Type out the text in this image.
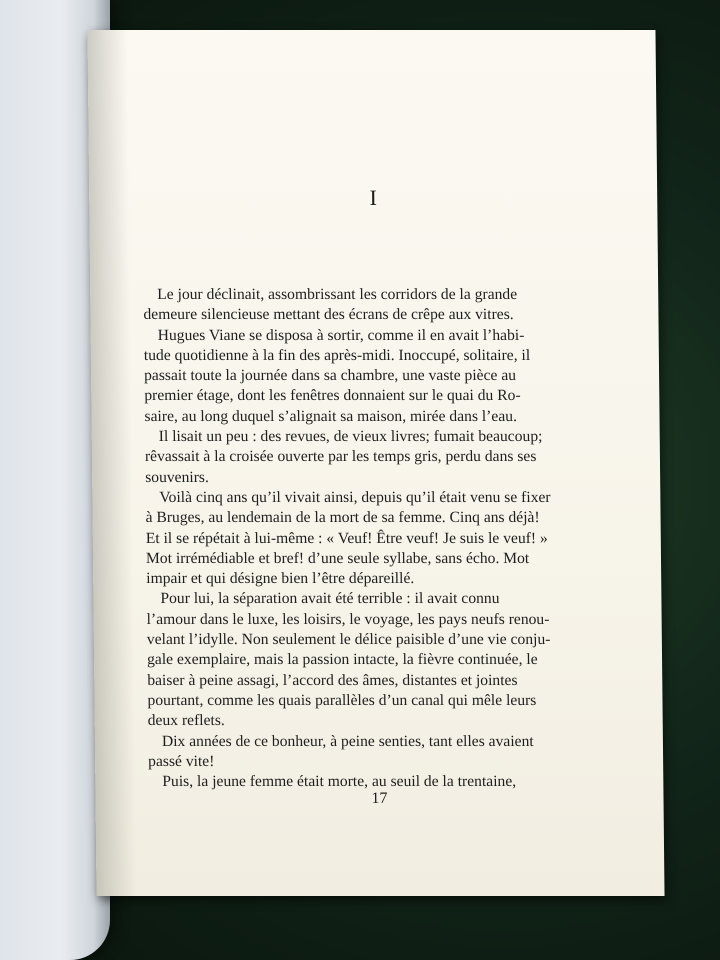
I
Le jour déclinait, assombrissant les corridors de la grande
demeure silencieuse mettant des écrans de crêpe aux vitres.
Hugues Viane se disposa à sortir, comme il en avait l’habi-
tude quotidienne à la fin des après-midi. Inoccupé, solitaire, il
passait toute la journée dans sa chambre, une vaste pièce au
premier étage, dont les fenêtres donnaient sur le quai du Ro-
saire, au long duquel s’alignait sa maison, mirée dans l’eau.
Il lisait un peu : des revues, de vieux livres; fumait beaucoup;
rêvassait à la croisée ouverte par les temps gris, perdu dans ses
souvenirs.
Voilà cinq ans qu’il vivait ainsi, depuis qu’il était venu se fixer
à Bruges, au lendemain de la mort de sa femme. Cinq ans déjà!
Et il se répétait à lui-même : « Veuf! Être veuf! Je suis le veuf! »
Mot irrémédiable et bref! d’une seule syllabe, sans écho. Mot
impair et qui désigne bien l’être dépareillé.
Pour lui, la séparation avait été terrible : il avait connu
l’amour dans le luxe, les loisirs, le voyage, les pays neufs renou-
velant l’idylle. Non seulement le délice paisible d’une vie conju-
gale exemplaire, mais la passion intacte, la fièvre continuée, le
baiser à peine assagi, l’accord des âmes, distantes et jointes
pourtant, comme les quais parallèles d’un canal qui mêle leurs
deux reflets.
Dix années de ce bonheur, à peine senties, tant elles avaient
passé vite!
Puis, la jeune femme était morte, au seuil de la trentaine,
17
